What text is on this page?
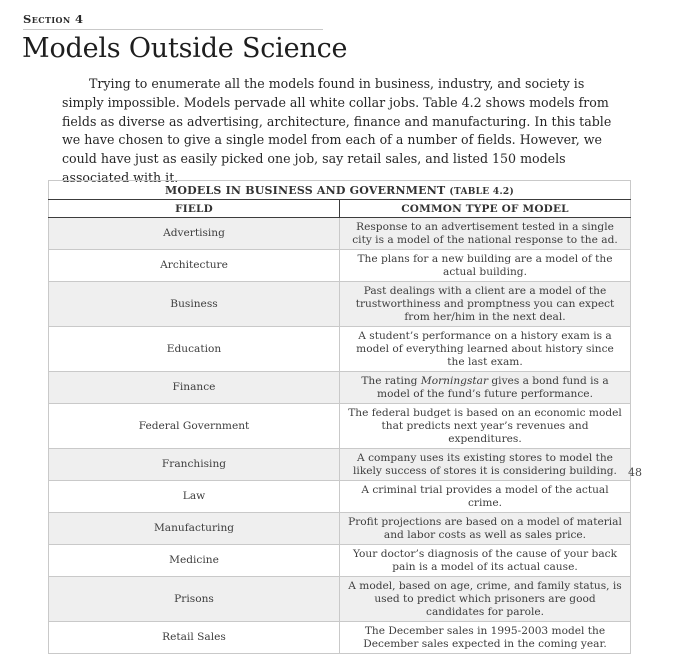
Section 4
Models Outside Science

Trying to enumerate all the models found in business, industry, and society is simply impossible. Models pervade all white collar jobs. Table 4.2 shows models from fields as diverse as advertising, architecture, finance and manufacturing. In this table we have chosen to give a single model from each of a number of fields. However, we could have just as easily picked one job, say retail sales, and listed 150 models associated with it.

MODELS IN BUSINESS AND GOVERNMENT (TABLE 4.2)	
FIELD	COMMON TYPE OF MODEL
Advertising	Response to an advertisement tested in a single city is a model of the national response to the ad.
Architecture	The plans for a new building are a model of the actual building.
Business	Past dealings with a client are a model of the trustworthiness and promptness you can expect from her/him in the next deal.
Education	A student’s performance on a history exam is a model of everything learned about history since the last exam.
Finance	The rating Morningstar gives a bond fund is a model of the fund’s future performance.
Federal Government	The federal budget is based on an economic model that predicts next year’s revenues and expenditures.
Franchising	A company uses its existing stores to model the likely success of stores it is considering building.
Law	A criminal trial provides a model of the actual crime.
Manufacturing	Profit projections are based on a model of material and labor costs as well as sales price.
Medicine	Your doctor’s diagnosis of the cause of your back pain is a model of its actual cause.
Prisons	A model, based on age, crime, and family status, is used to predict which prisoners are good candidates for parole.
Retail Sales	The December sales in 1995-2003 model the December sales expected in the coming year.
48
